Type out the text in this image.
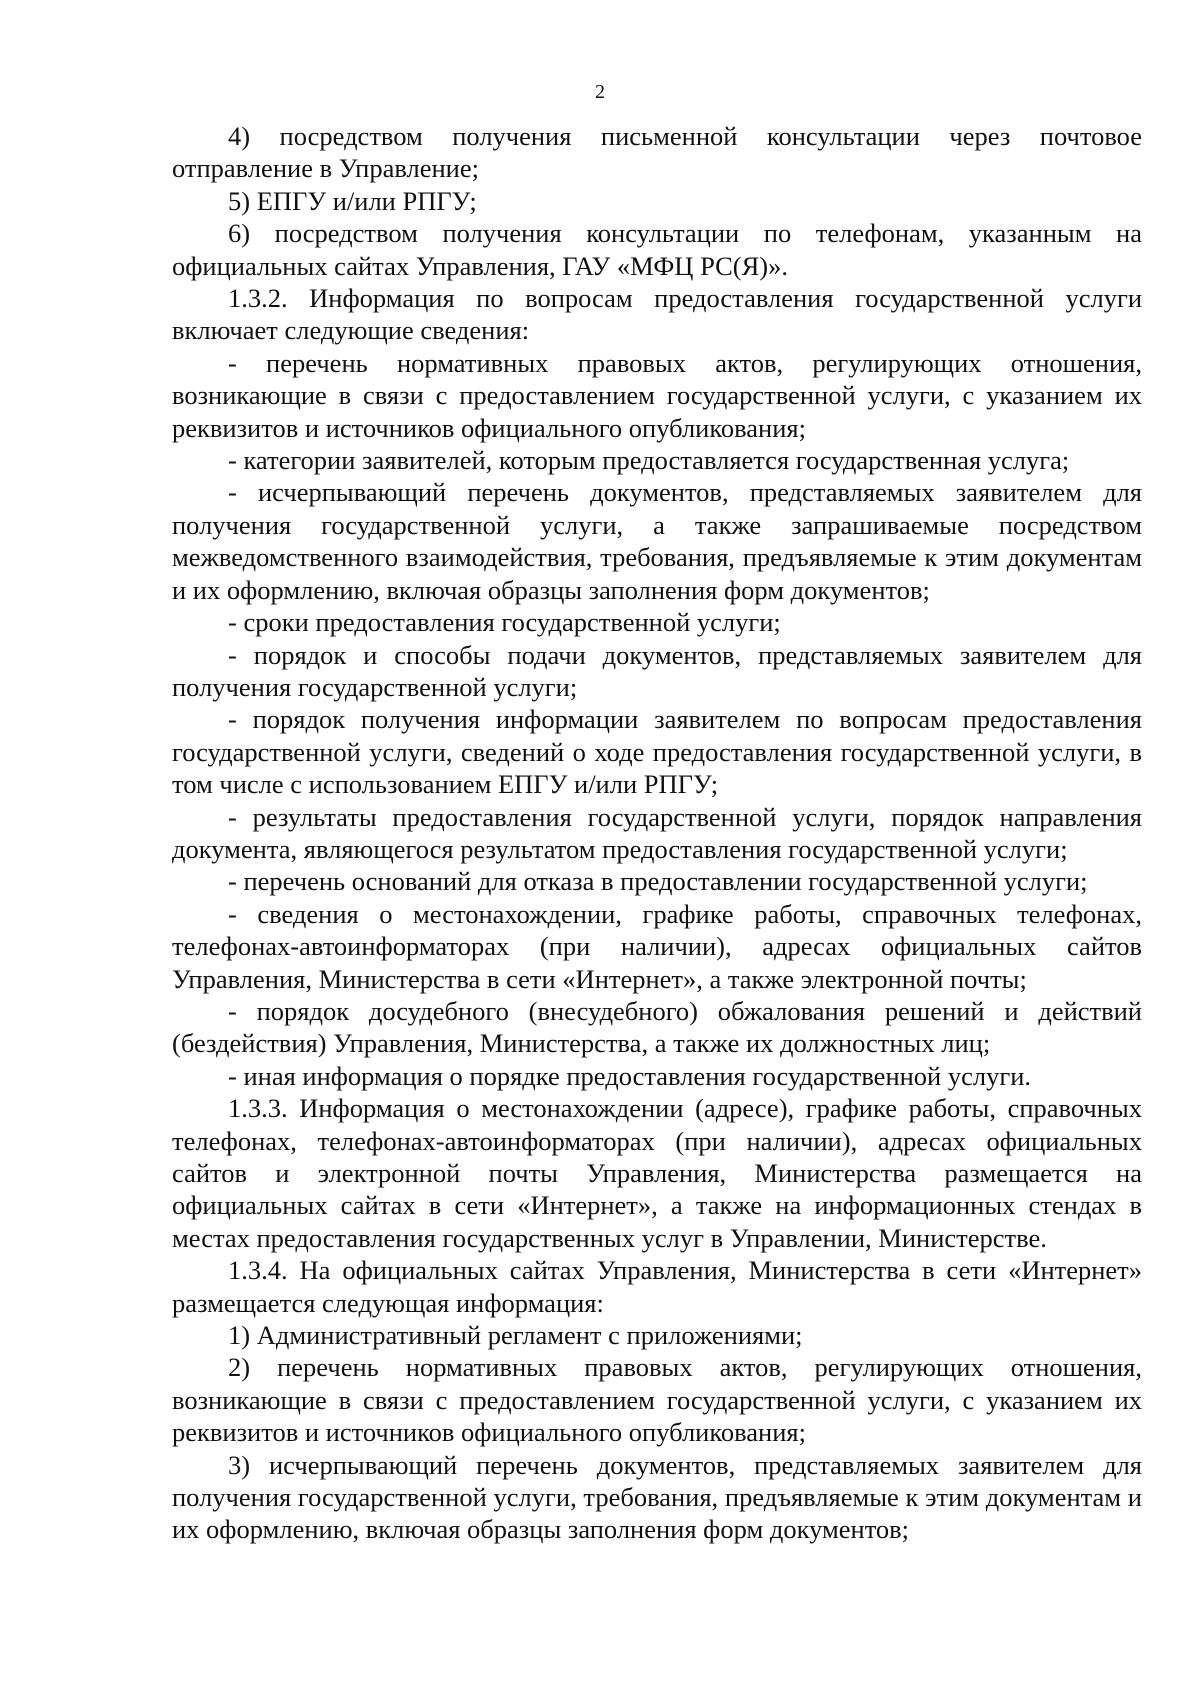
2

4) посредством получения письменной консультации через почтовое отправление в Управление;

5) ЕПГУ и/или РПГУ;

6) посредством получения консультации по телефонам, указанным на официальных сайтах Управления, ГАУ «МФЦ РС(Я)».

1.3.2. Информация по вопросам предоставления государственной услуги включает следующие сведения:

- перечень нормативных правовых актов, регулирующих отношения, возникающие в связи с предоставлением государственной услуги, с указанием их реквизитов и источников официального опубликования;

- категории заявителей, которым предоставляется государственная услуга;

- исчерпывающий перечень документов, представляемых заявителем для получения государственной услуги, а также запрашиваемые посредством межведомственного взаимодействия, требования, предъявляемые к этим документам и их оформлению, включая образцы заполнения форм документов;

- сроки предоставления государственной услуги;

- порядок и способы подачи документов, представляемых заявителем для получения государственной услуги;

- порядок получения информации заявителем по вопросам предоставления государственной услуги, сведений о ходе предоставления государственной услуги, в том числе с использованием ЕПГУ и/или РПГУ;

- результаты предоставления государственной услуги, порядок направления документа, являющегося результатом предоставления государственной услуги;

- перечень оснований для отказа в предоставлении государственной услуги;

- сведения о местонахождении, графике работы, справочных телефонах, телефонах-автоинформаторах (при наличии), адресах официальных сайтов Управления, Министерства в сети «Интернет», а также электронной почты;

- порядок досудебного (внесудебного) обжалования решений и действий (бездействия) Управления, Министерства, а также их должностных лиц;

- иная информация о порядке предоставления государственной услуги.

1.3.3. Информация о местонахождении (адресе), графике работы, справочных телефонах, телефонах-автоинформаторах (при наличии), адресах официальных сайтов и электронной почты Управления, Министерства размещается на официальных сайтах в сети «Интернет», а также на информационных стендах в местах предоставления государственных услуг в Управлении, Министерстве.

1.3.4. На официальных сайтах Управления, Министерства в сети «Интернет» размещается следующая информация:

1) Административный регламент с приложениями;

2) перечень нормативных правовых актов, регулирующих отношения, возникающие в связи с предоставлением государственной услуги, с указанием их реквизитов и источников официального опубликования;

3) исчерпывающий перечень документов, представляемых заявителем для получения государственной услуги, требования, предъявляемые к этим документам и их оформлению, включая образцы заполнения форм документов;
